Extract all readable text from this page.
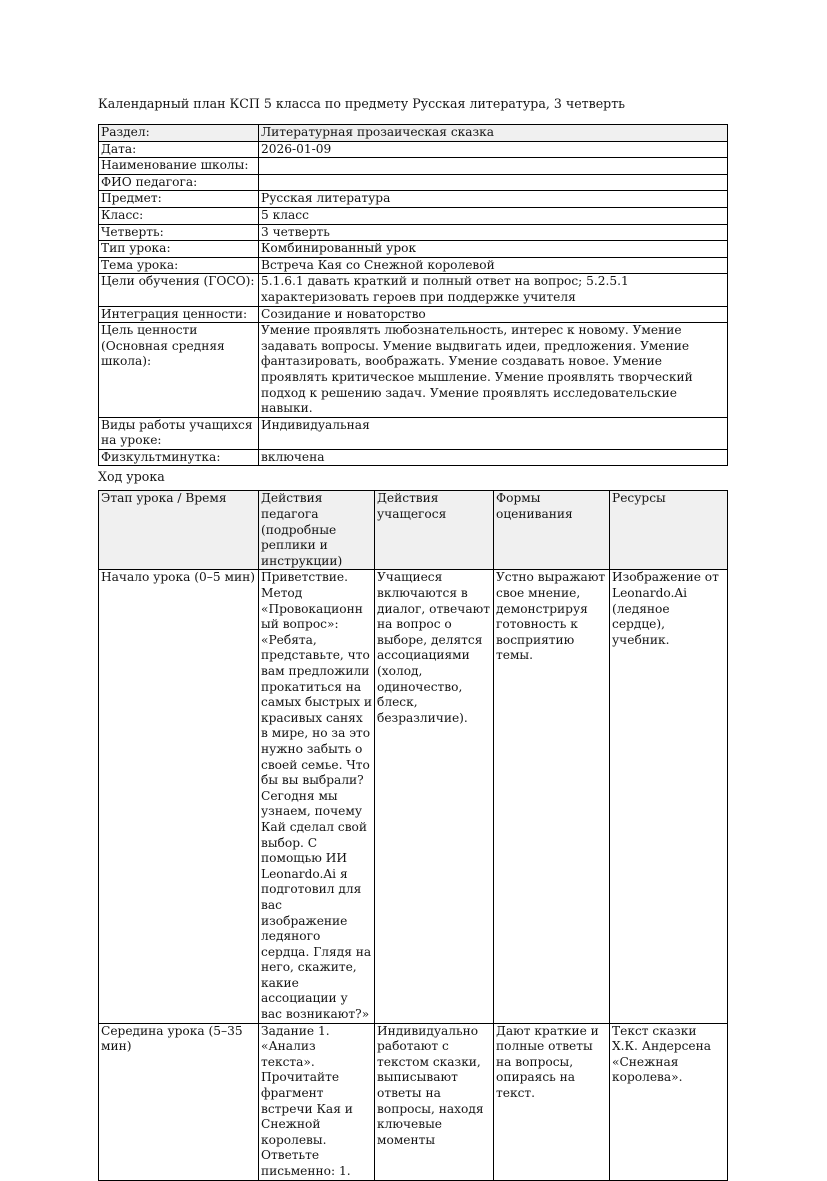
Календарный план КСП 5 класса по предмету Русская литература, 3 четверть

Раздел:	Литературная прозаическая сказка
Дата:	2026-01-09
Наименование школы:	
ФИО педагога:	
Предмет:	Русская литература
Класс:	5 класс
Четверть:	3 четверть
Тип урока:	Комбинированный урок
Тема урока:	Встреча Кая со Снежной королевой
Цели обучения (ГОСО):	5.1.6.1 давать краткий и полный ответ на вопрос; 5.2.5.1 характеризовать героев при поддержке учителя
Интеграция ценности:	Созидание и новаторство
Цель ценности (Основная средняя школа):	Умение проявлять любознательность, интерес к новому. Умение задавать вопросы. Умение выдвигать идеи, предложения. Умение фантазировать, воображать. Умение создавать новое. Умение проявлять критическое мышление. Умение проявлять творческий подход к решению задач. Умение проявлять исследовательские навыки.
Виды работы учащихся на уроке:	Индивидуальная
Физкультминутка:	включена

Ход урока

Этап урока / Время	Действия педагога (подробные реплики и инструкции)	Действия учащегося	Формы оценивания	Ресурсы
Начало урока (0–5 мин)	Приветствие. Метод «Провокационный вопрос»: «Ребята, представьте, что вам предложили прокатиться на самых быстрых и красивых санях в мире, но за это нужно забыть о своей семье. Что бы вы выбрали? Сегодня мы узнаем, почему Кай сделал свой выбор. С помощью ИИ Leonardo.Ai я подготовил для вас изображение ледяного сердца. Глядя на него, скажите, какие ассоциации у вас возникают?»	Учащиеся включаются в диалог, отвечают на вопрос о выборе, делятся ассоциациями (холод, одиночество, блеск, безразличие).	Устно выражают свое мнение, демонстрируя готовность к восприятию темы.	Изображение от Leonardo.Ai (ледяное сердце), учебник.
Середина урока (5–35 мин)	Задание 1. «Анализ текста». Прочитайте фрагмент встречи Кая и Снежной королевы. Ответьте письменно: 1.	Индивидуально работают с текстом сказки, выписывают ответы на вопросы, находя ключевые моменты	Дают краткие и полные ответы на вопросы, опираясь на текст.	Текст сказки Х.К. Андерсена «Снежная королева».
